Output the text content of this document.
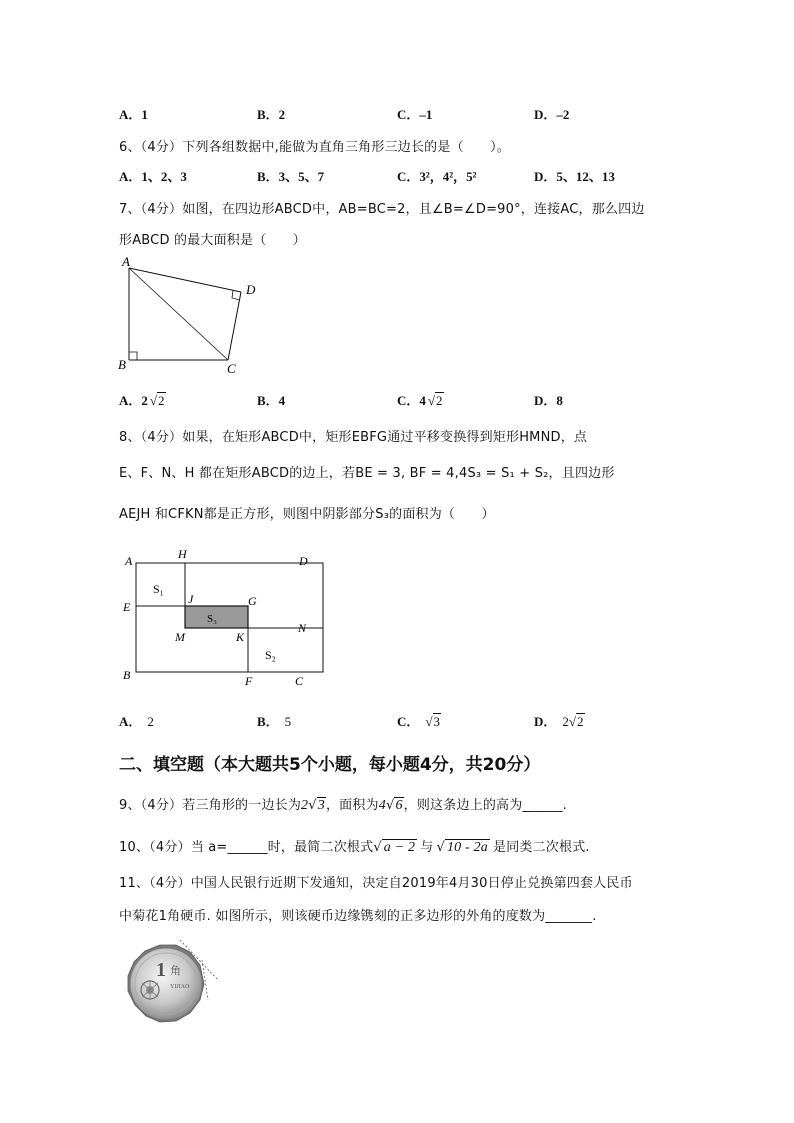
A．1	B．2	C．–1	D．–2
6、（4分）下列各组数据中,能做为直角三角形三边长的是（　　）。
A．1、2、3	B．3、5、7	C．3²，4²，5²	D．5、12、13
7、（4分）如图，在四边形ABCD中，AB=BC=2，且∠B=∠D=90°，连接AC，那么四边
形ABCD 的最大面积是（　　）
A
B	C
D
A．2 √2	B．4	C．4 √2	D．8
8、（4分）如果，在矩形ABCD中，矩形EBFG通过平移变换得到矩形HMND，点
E、F、N、H 都在矩形ABCD的边上，若BE = 3, BF = 4,4S₃ = S₁ + S₂，且四边形
AEJH 和CFKN都是正方形，则图中阴影部分S₃的面积为（　　）
A	H	D
E
J	G
S₁
S₃
M	K
N
S₂
B	F	C
A． 2	B． 5	C． √3	D． 2√2
二、填空题（本大题共5个小题，每小题4分，共20分）
9、（4分）若三角形的一边长为2√3，面积为4√6，则这条边上的高为______.
10、（4分）当 a=______时，最简二次根式√ a − 2 与 √ 10 - 2a 是同类二次根式.
11、（4分）中国人民银行近期下发通知，决定自2019年4月30日停止兑换第四套人民币
中菊花1角硬币. 如图所示，则该硬币边缘镌刻的正多边形的外角的度数为_______.
1 角
YIJIAO
